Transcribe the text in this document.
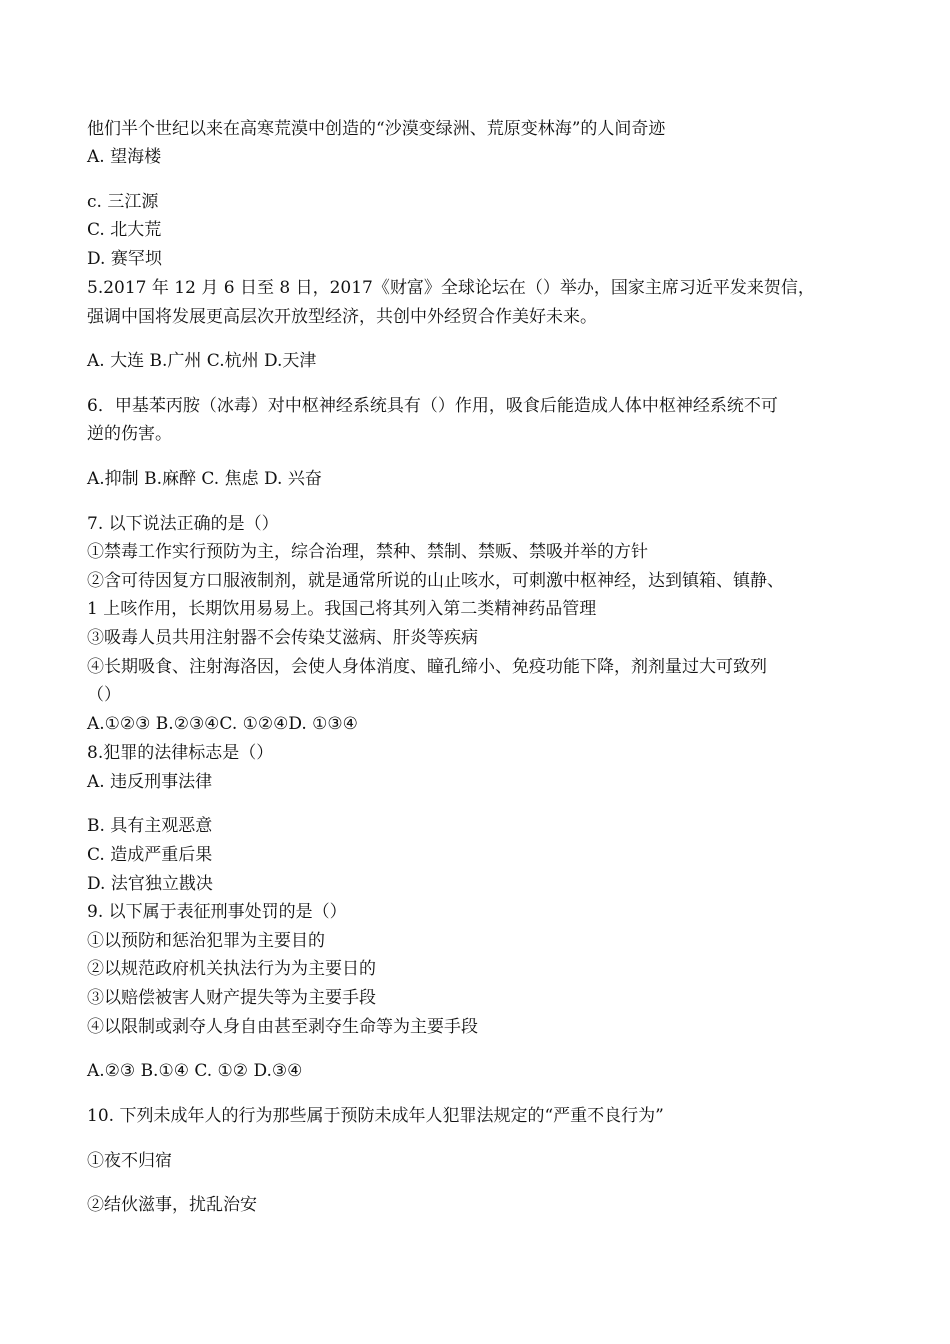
他们半个世纪以来在高寒荒漠中创造的“沙漠变绿洲、荒原变林海”的人间奇迹
A. 望海楼
c. 三江源
C. 北大荒
D. 赛罕坝
5.2017 年 12 月 6 日至 8 日，2017《财富》全球论坛在（）举办，国家主席习近平发来贺信，
强调中国将发展更高层次开放型经济，共创中外经贸合作美好未来。
A. 大连 B.广州 C.杭州 D.天津
6．甲基苯丙胺（冰毒）对中枢神经系统具有（）作用，吸食后能造成人体中枢神经系统不可
逆的伤害。
A.抑制 B.麻醉 C. 焦虑 D. 兴奋
7. 以下说法正确的是（）
①禁毒工作实行预防为主，综合治理，禁种、禁制、禁贩、禁吸并举的方针
②含可待因复方口服液制剂，就是通常所说的山止咳水，可刺激中枢神经，达到镇箱、镇静、
1 上咳作用，长期饮用易易上。我国己将其列入第二类精神药品管理
③吸毒人员共用注射器不会传染艾滋病、肝炎等疾病
④长期吸食、注射海洛因，会使人身体消度、瞳孔缔小、免疫功能下降，剂剂量过大可致列
（）
A.①②③ B.②③④C. ①②④D. ①③④
8.犯罪的法律标志是（）
A. 违反刑事法律
B. 具有主观恶意
C. 造成严重后果
D. 法官独立戡决
9. 以下属于表征刑事处罚的是（）
①以预防和惩治犯罪为主要目的
②以规范政府机关执法行为为主要日的
③以赔偿被害人财产提失等为主要手段
④以限制或剥夺人身自由甚至剥夺生命等为主要手段
A.②③ B.①④ C. ①② D.③④
10. 下列未成年人的行为那些属于预防未成年人犯罪法规定的“严重不良行为”
①夜不归宿
②结伙滋事，扰乱治安
